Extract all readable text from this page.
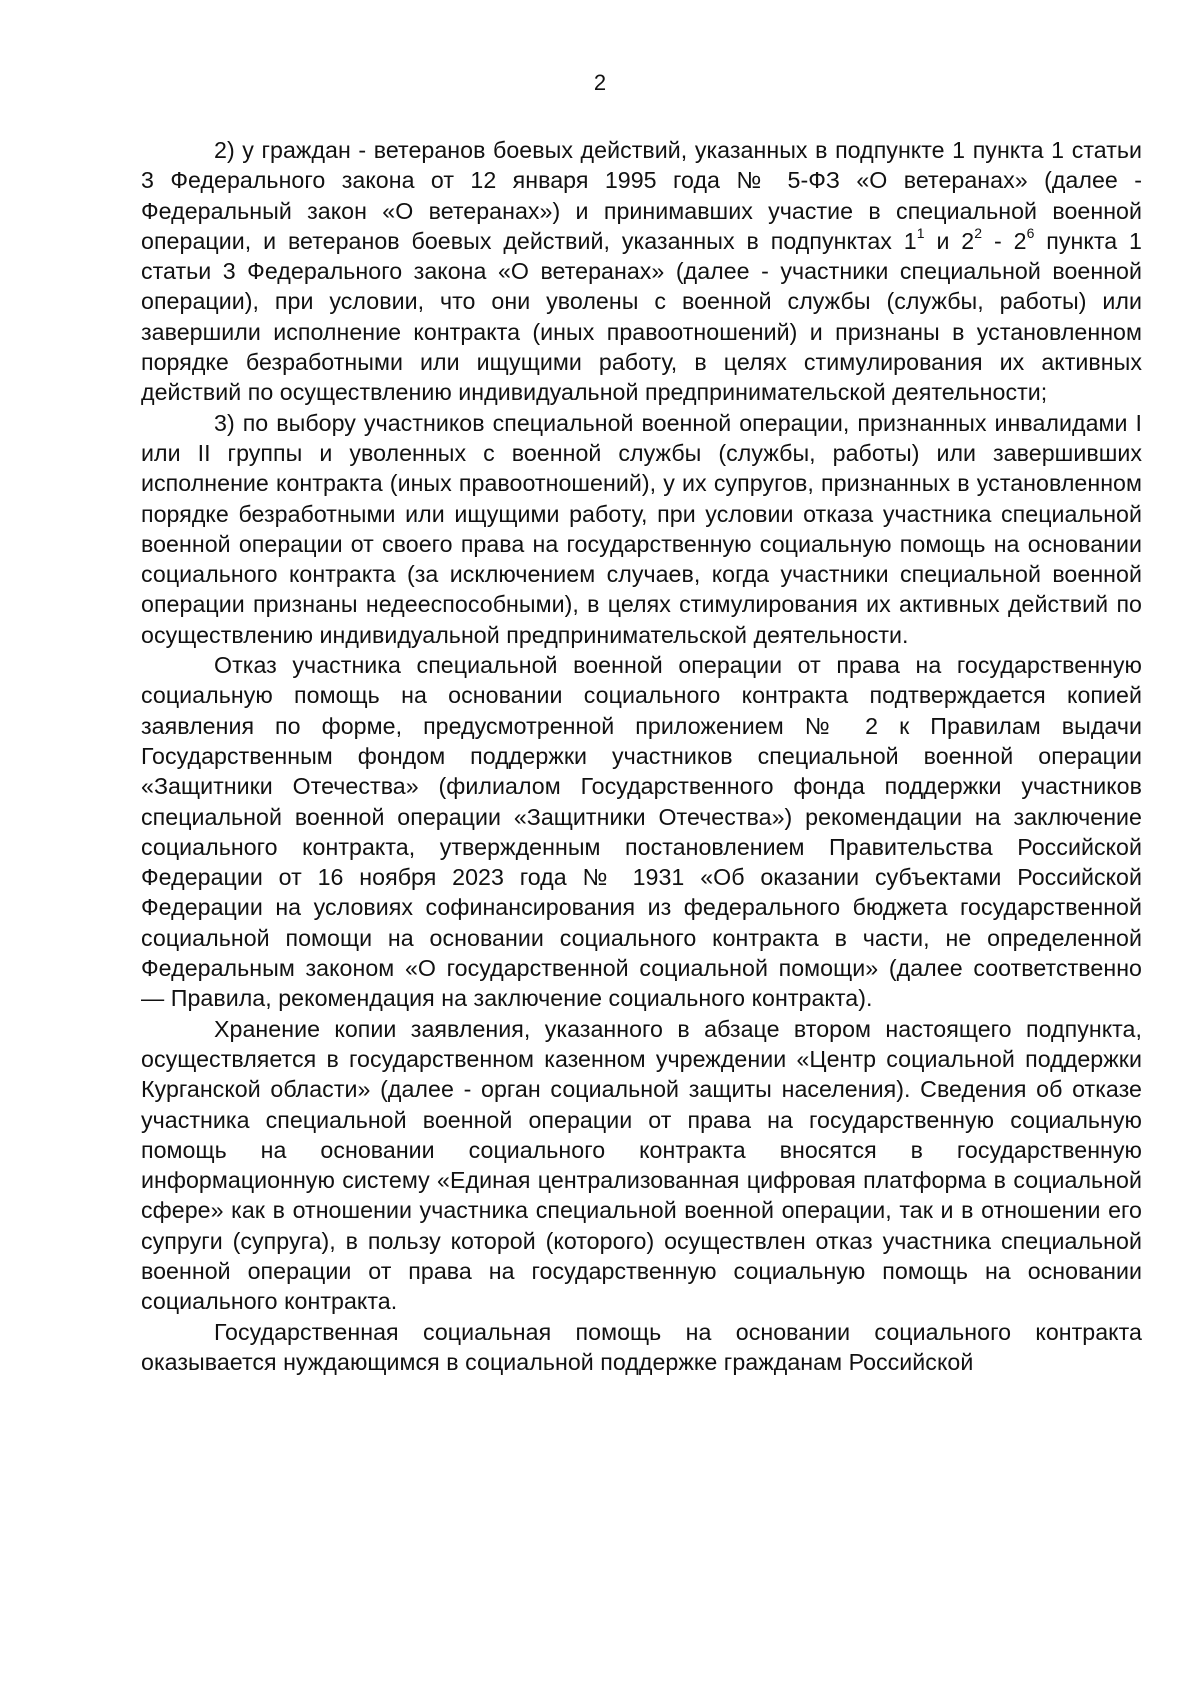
2

2) у граждан - ветеранов боевых действий, указанных в подпункте 1 пункта 1 статьи 3 Федерального закона от 12 января 1995 года № 5-ФЗ «О ветеранах» (далее - Федеральный закон «О ветеранах») и принимавших участие в специальной военной операции, и ветеранов боевых действий, указанных в подпунктах $1^1$ и $2^2 - 2^6$ пункта 1 статьи 3 Федерального закона «О ветеранах» (далее - участники специальной военной операции), при условии, что они уволены с военной службы (службы, работы) или завершили исполнение контракта (иных правоотношений) и признаны в установленном порядке безработными или ищущими работу, в целях стимулирования их активных действий по осуществлению индивидуальной предпринимательской деятельности;

3) по выбору участников специальной военной операции, признанных инвалидами I или II группы и уволенных с военной службы (службы, работы) или завершивших исполнение контракта (иных правоотношений), у их супругов, признанных в установленном порядке безработными или ищущими работу, при условии отказа участника специальной военной операции от своего права на государственную социальную помощь на основании социального контракта (за исключением случаев, когда участники специальной военной операции признаны недееспособными), в целях стимулирования их активных действий по осуществлению индивидуальной предпринимательской деятельности.

Отказ участника специальной военной операции от права на государственную социальную помощь на основании социального контракта подтверждается копией заявления по форме, предусмотренной приложением № 2 к Правилам выдачи Государственным фондом поддержки участников специальной военной операции «Защитники Отечества» (филиалом Государственного фонда поддержки участников специальной военной операции «Защитники Отечества») рекомендации на заключение социального контракта, утвержденным постановлением Правительства Российской Федерации от 16 ноября 2023 года № 1931 «Об оказании субъектами Российской Федерации на условиях софинансирования из федерального бюджета государственной социальной помощи на основании социального контракта в части, не определенной Федеральным законом «О государственной социальной помощи» (далее соответственно — Правила, рекомендация на заключение социального контракта).

Хранение копии заявления, указанного в абзаце втором настоящего подпункта, осуществляется в государственном казенном учреждении «Центр социальной поддержки Курганской области» (далее - орган социальной защиты населения). Сведения об отказе участника специальной военной операции от права на государственную социальную помощь на основании социального контракта вносятся в государственную информационную систему «Единая централизованная цифровая платформа в социальной сфере» как в отношении участника специальной военной операции, так и в отношении его супруги (супруга), в пользу которой (которого) осуществлен отказ участника специальной военной операции от права на государственную социальную помощь на основании социального контракта.

Государственная социальная помощь на основании социального контракта оказывается нуждающимся в социальной поддержке гражданам Российской
